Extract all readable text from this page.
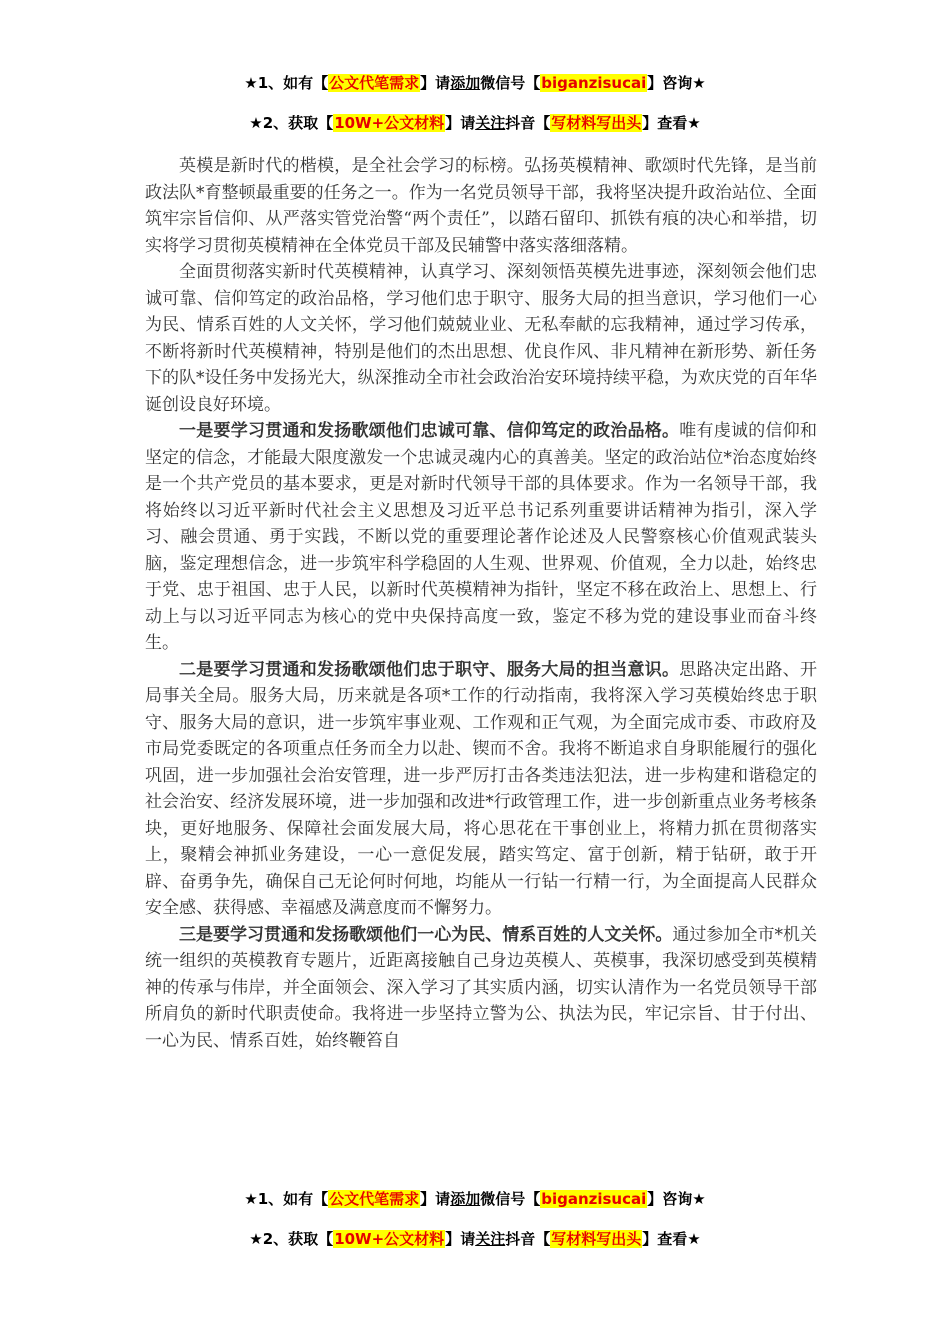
★1、如有【公文代笔需求】请添加微信号【biganzisucai】咨询★
★2、获取【10W+公文材料】请关注抖音【写材料写出头】查看★

英模是新时代的楷模，是全社会学习的标榜。弘扬英模精神、歌颂时代先锋，是当前政法队*育整顿最重要的任务之一。作为一名党员领导干部，我将坚决提升政治站位、全面筑牢宗旨信仰、从严落实管党治警“两个责任”，以踏石留印、抓铁有痕的决心和举措，切实将学习贯彻英模精神在全体党员干部及民辅警中落实落细落精。

全面贯彻落实新时代英模精神，认真学习、深刻领悟英模先进事迹，深刻领会他们忠诚可靠、信仰笃定的政治品格，学习他们忠于职守、服务大局的担当意识，学习他们一心为民、情系百姓的人文关怀，学习他们兢兢业业、无私奉献的忘我精神，通过学习传承，不断将新时代英模精神，特别是他们的杰出思想、优良作风、非凡精神在新形势、新任务下的队*设任务中发扬光大，纵深推动全市社会政治治安环境持续平稳，为欢庆党的百年华诞创设良好环境。

一是要学习贯通和发扬歌颂他们忠诚可靠、信仰笃定的政治品格。唯有虔诚的信仰和坚定的信念，才能最大限度激发一个忠诚灵魂内心的真善美。坚定的政治站位*治态度始终是一个共产党员的基本要求，更是对新时代领导干部的具体要求。作为一名领导干部，我将始终以习近平新时代社会主义思想及习近平总书记系列重要讲话精神为指引，深入学习、融会贯通、勇于实践，不断以党的重要理论著作论述及人民警察核心价值观武装头脑，鉴定理想信念，进一步筑牢科学稳固的人生观、世界观、价值观，全力以赴，始终忠于党、忠于祖国、忠于人民，以新时代英模精神为指针，坚定不移在政治上、思想上、行动上与以习近平同志为核心的党中央保持高度一致，鉴定不移为党的建设事业而奋斗终生。

二是要学习贯通和发扬歌颂他们忠于职守、服务大局的担当意识。思路决定出路、开局事关全局。服务大局，历来就是各项*工作的行动指南，我将深入学习英模始终忠于职守、服务大局的意识，进一步筑牢事业观、工作观和正气观，为全面完成市委、市政府及市局党委既定的各项重点任务而全力以赴、锲而不舍。我将不断追求自身职能履行的强化巩固，进一步加强社会治安管理，进一步严厉打击各类违法犯法，进一步构建和谐稳定的社会治安、经济发展环境，进一步加强和改进*行政管理工作，进一步创新重点业务考核条块，更好地服务、保障社会面发展大局，将心思花在干事创业上，将精力抓在贯彻落实上，聚精会神抓业务建设，一心一意促发展，踏实笃定、富于创新，精于钻研，敢于开辟、奋勇争先，确保自己无论何时何地，均能从一行钻一行精一行，为全面提高人民群众安全感、获得感、幸福感及满意度而不懈努力。

三是要学习贯通和发扬歌颂他们一心为民、情系百姓的人文关怀。通过参加全市*机关统一组织的英模教育专题片，近距离接触自己身边英模人、英模事，我深切感受到英模精神的传承与伟岸，并全面领会、深入学习了其实质内涵，切实认清作为一名党员领导干部所肩负的新时代职责使命。我将进一步坚持立警为公、执法为民，牢记宗旨、甘于付出、一心为民、情系百姓，始终鞭笞自

★1、如有【公文代笔需求】请添加微信号【biganzisucai】咨询★
★2、获取【10W+公文材料】请关注抖音【写材料写出头】查看★
